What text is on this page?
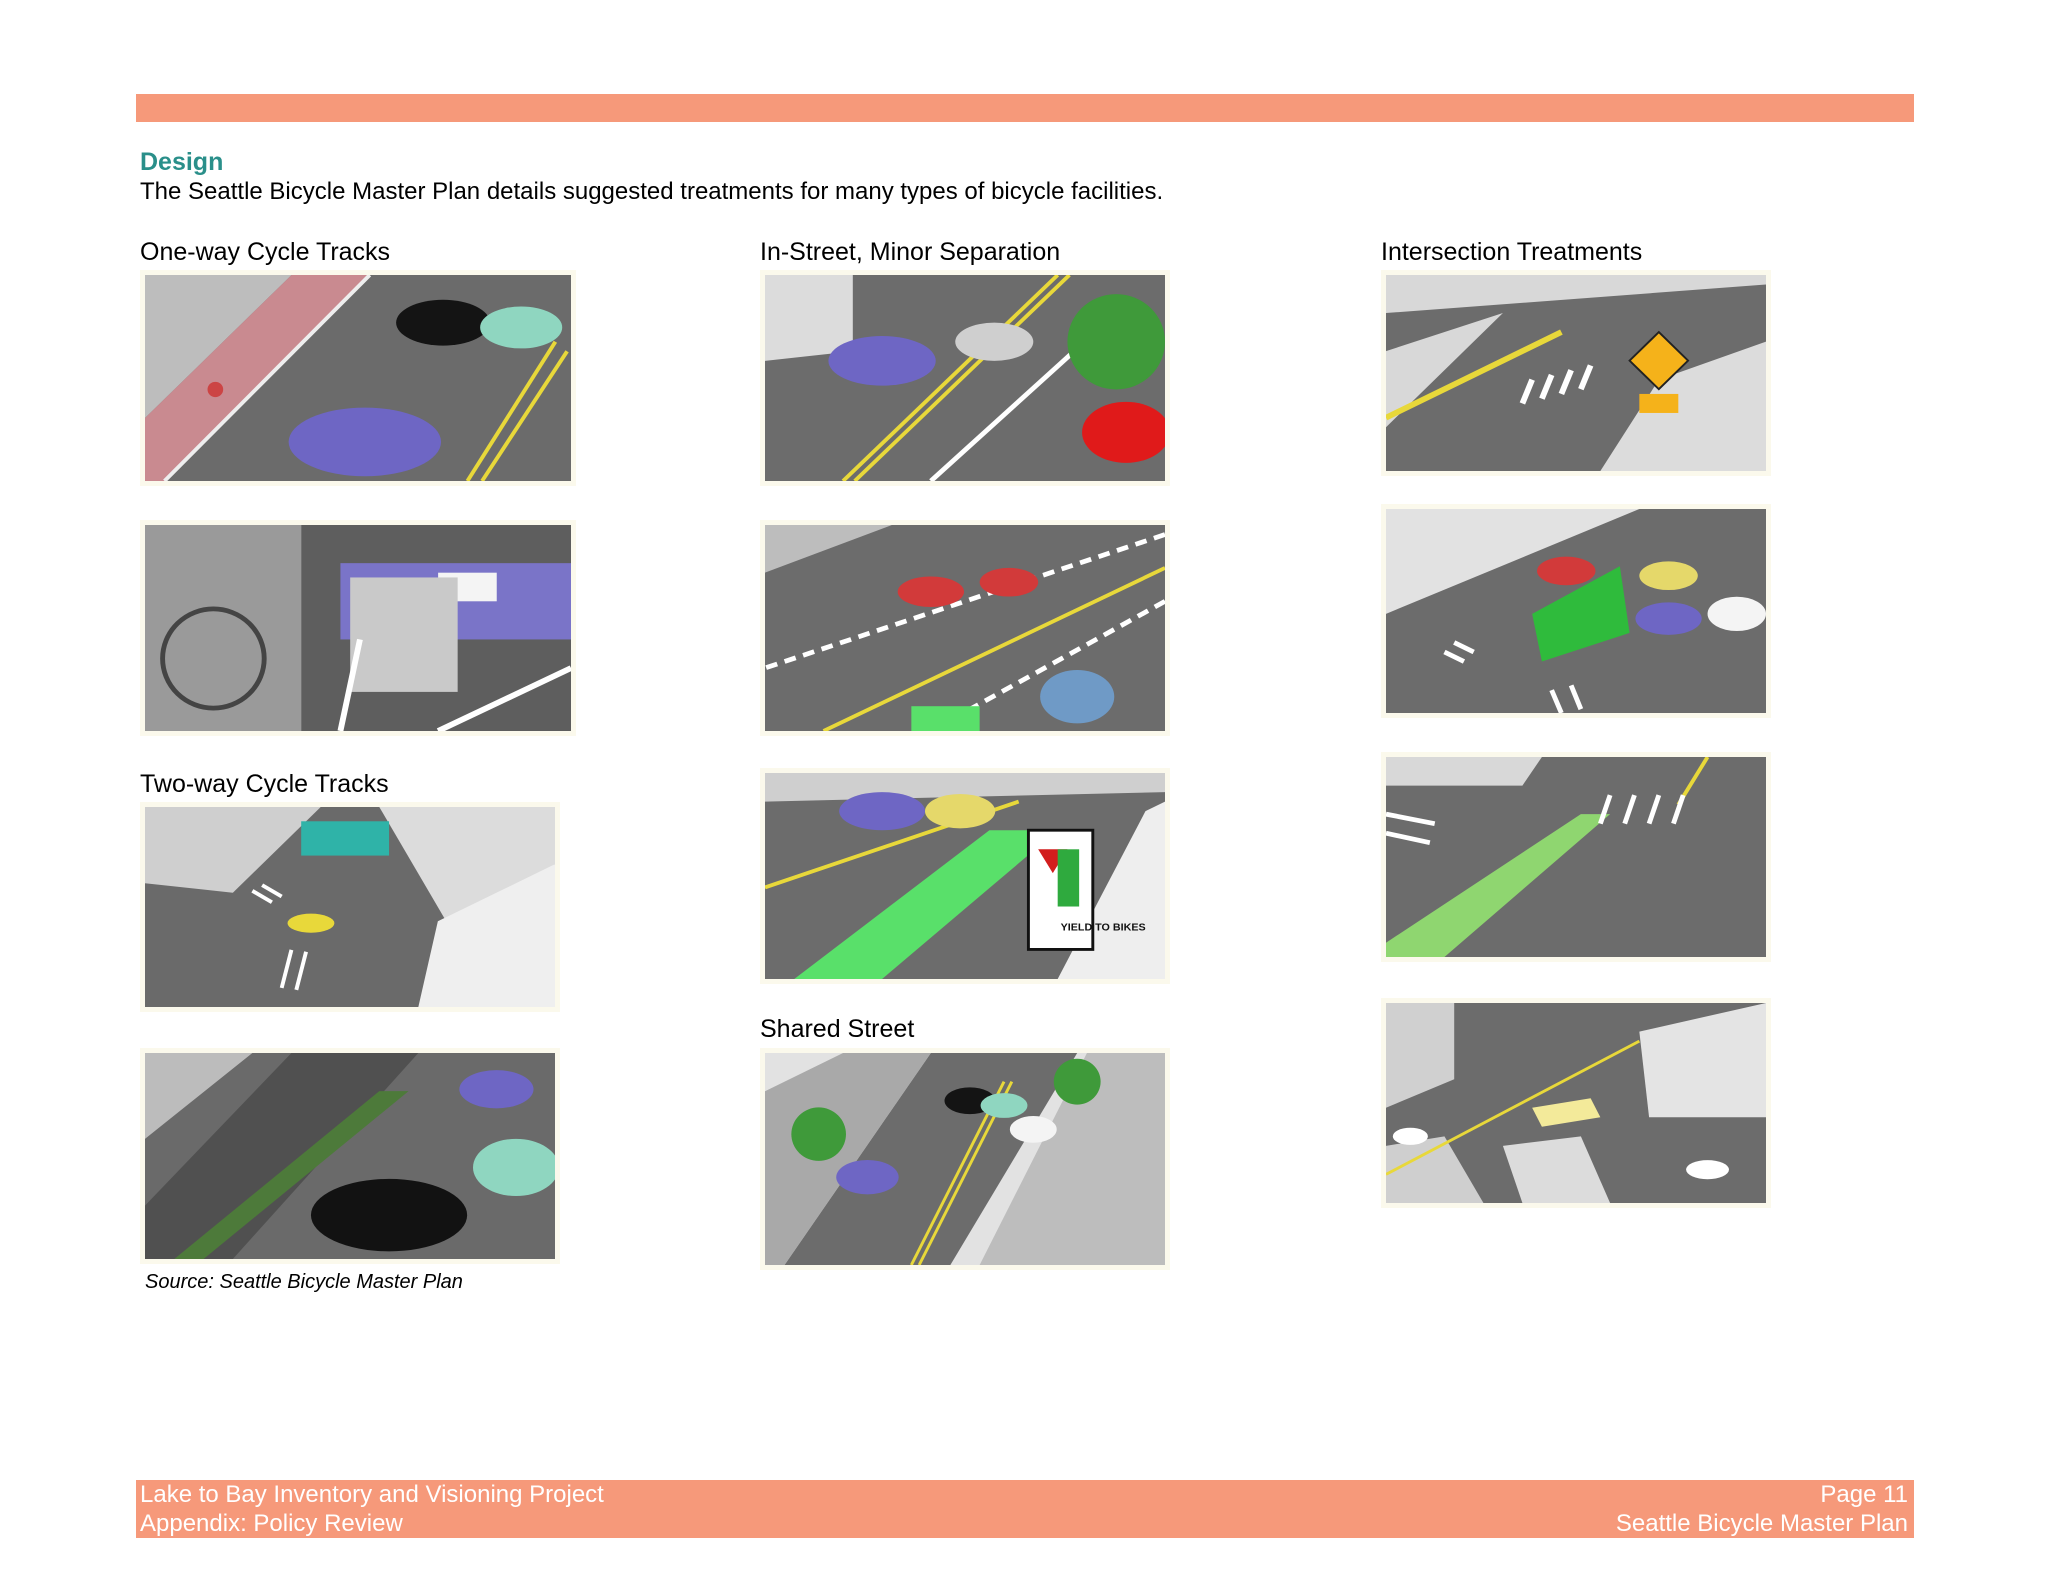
Design
The Seattle Bicycle Master Plan details suggested treatments for many types of bicycle facilities.
One-way Cycle Tracks	In-Street, Minor Separation	Intersection Treatments
Two-way Cycle Tracks
Shared Street
YIELD TO BIKES
Source: Seattle Bicycle Master Plan
Lake to Bay Inventory and Visioning Project
Appendix: Policy Review
Page 11
Seattle Bicycle Master Plan
